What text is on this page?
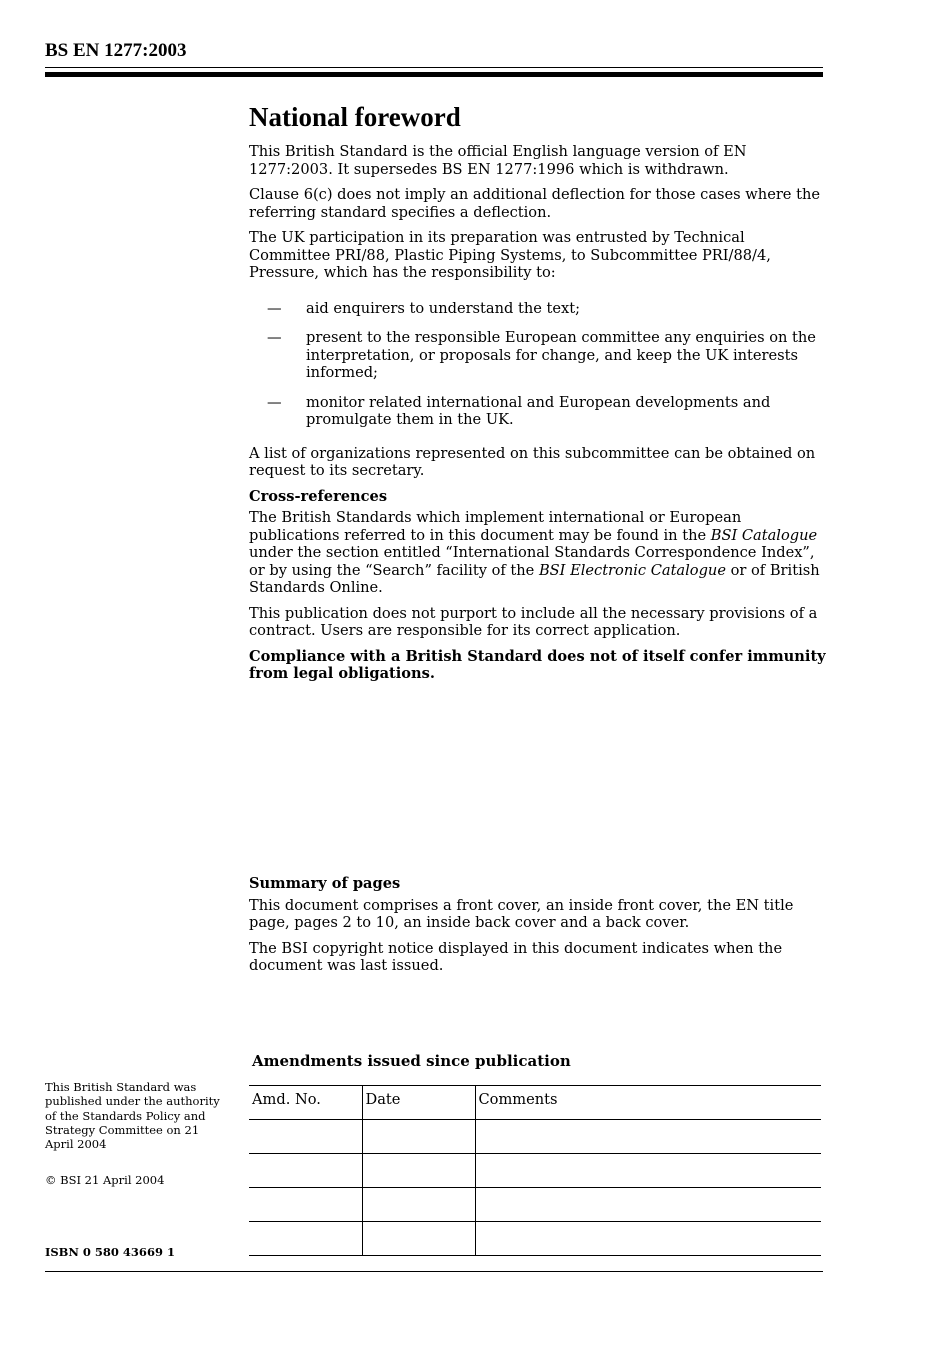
BS EN 1277:2003
National foreword

This British Standard is the official English language version of EN 1277:2003. It supersedes BS EN 1277:1996 which is withdrawn.

Clause 6(c) does not imply an additional deflection for those cases where the referring standard specifies a deflection.

The UK participation in its preparation was entrusted by Technical Committee PRI/88, Plastic Piping Systems, to Subcommittee PRI/88/4, Pressure, which has the responsibility to:

— aid enquirers to understand the text;
— present to the responsible European committee any enquiries on the interpretation, or proposals for change, and keep the UK interests informed;
— monitor related international and European developments and promulgate them in the UK.

A list of organizations represented on this subcommittee can be obtained on request to its secretary.

Cross-references

The British Standards which implement international or European publications referred to in this document may be found in the BSI Catalogue under the section entitled “International Standards Correspondence Index”, or by using the “Search” facility of the BSI Electronic Catalogue or of British Standards Online.

This publication does not purport to include all the necessary provisions of a contract. Users are responsible for its correct application.

Compliance with a British Standard does not of itself confer immunity from legal obligations.

Summary of pages

This document comprises a front cover, an inside front cover, the EN title page, pages 2 to 10, an inside back cover and a back cover.

The BSI copyright notice displayed in this document indicates when the document was last issued.

Amendments issued since publication
Amd. No.	Date	Comments

This British Standard was published under the authority of the Standards Policy and Strategy Committee on 21 April 2004

© BSI 21 April 2004
ISBN 0 580 43669 1
